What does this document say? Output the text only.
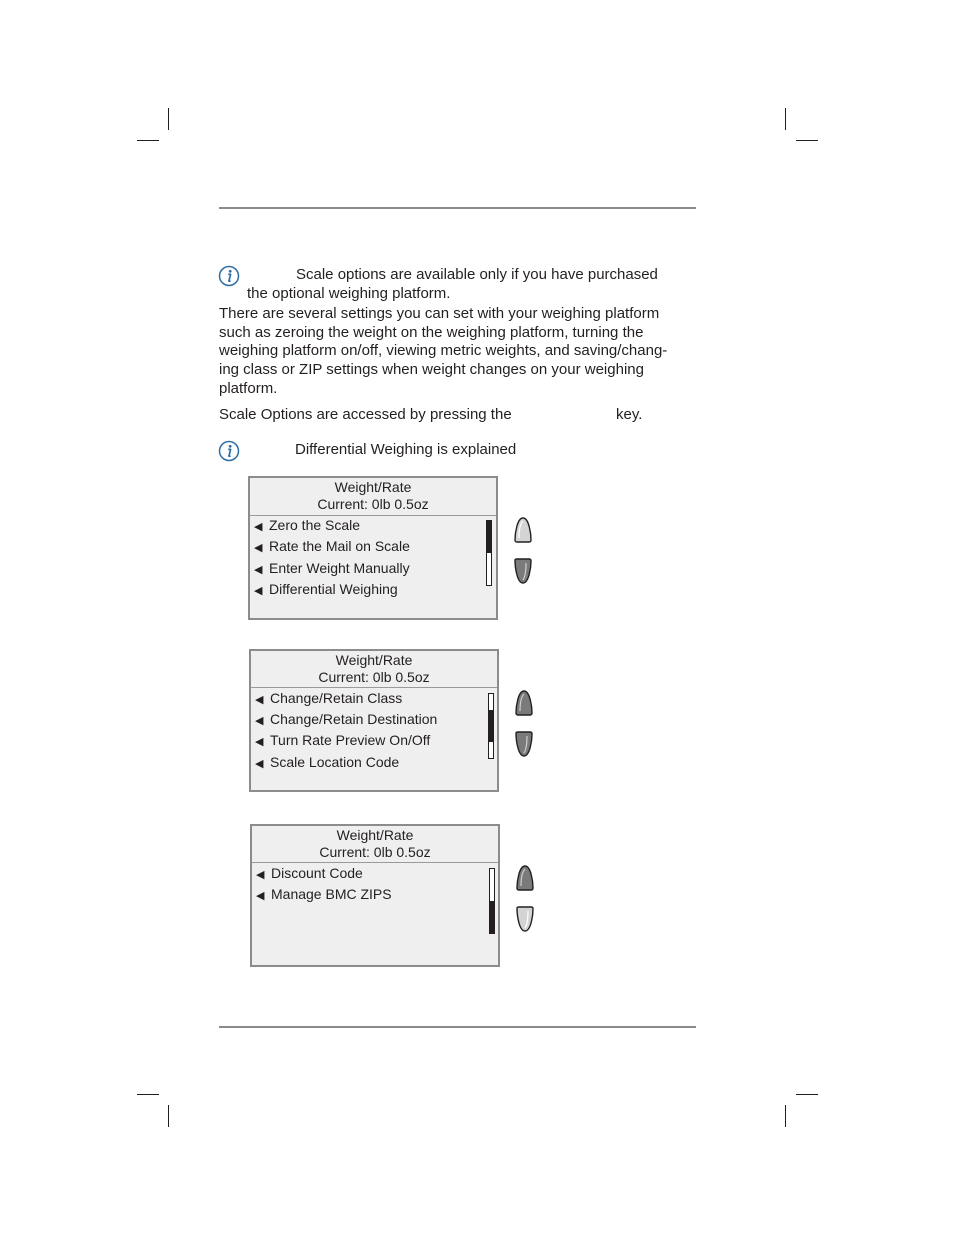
Scale options are available only if you have purchased
the optional weighing platform.
There are several settings you can set with your weighing platform
such as zeroing the weight on the weighing platform, turning the
weighing platform on/off, viewing metric weights, and saving/chang-
ing class or ZIP settings when weight changes on your weighing
platform.
Scale Options are accessed by pressing the	key.
Differential Weighing is explained
Weight/Rate
Current: 0lb 0.5oz
◀ Zero the Scale
◀ Rate the Mail on Scale
◀ Enter Weight Manually
◀ Differential Weighing
Weight/Rate
Current: 0lb 0.5oz
◀ Change/Retain Class
◀ Change/Retain Destination
◀ Turn Rate Preview On/Off
◀ Scale Location Code
Weight/Rate
Current: 0lb 0.5oz
◀ Discount Code
◀ Manage BMC ZIPS
